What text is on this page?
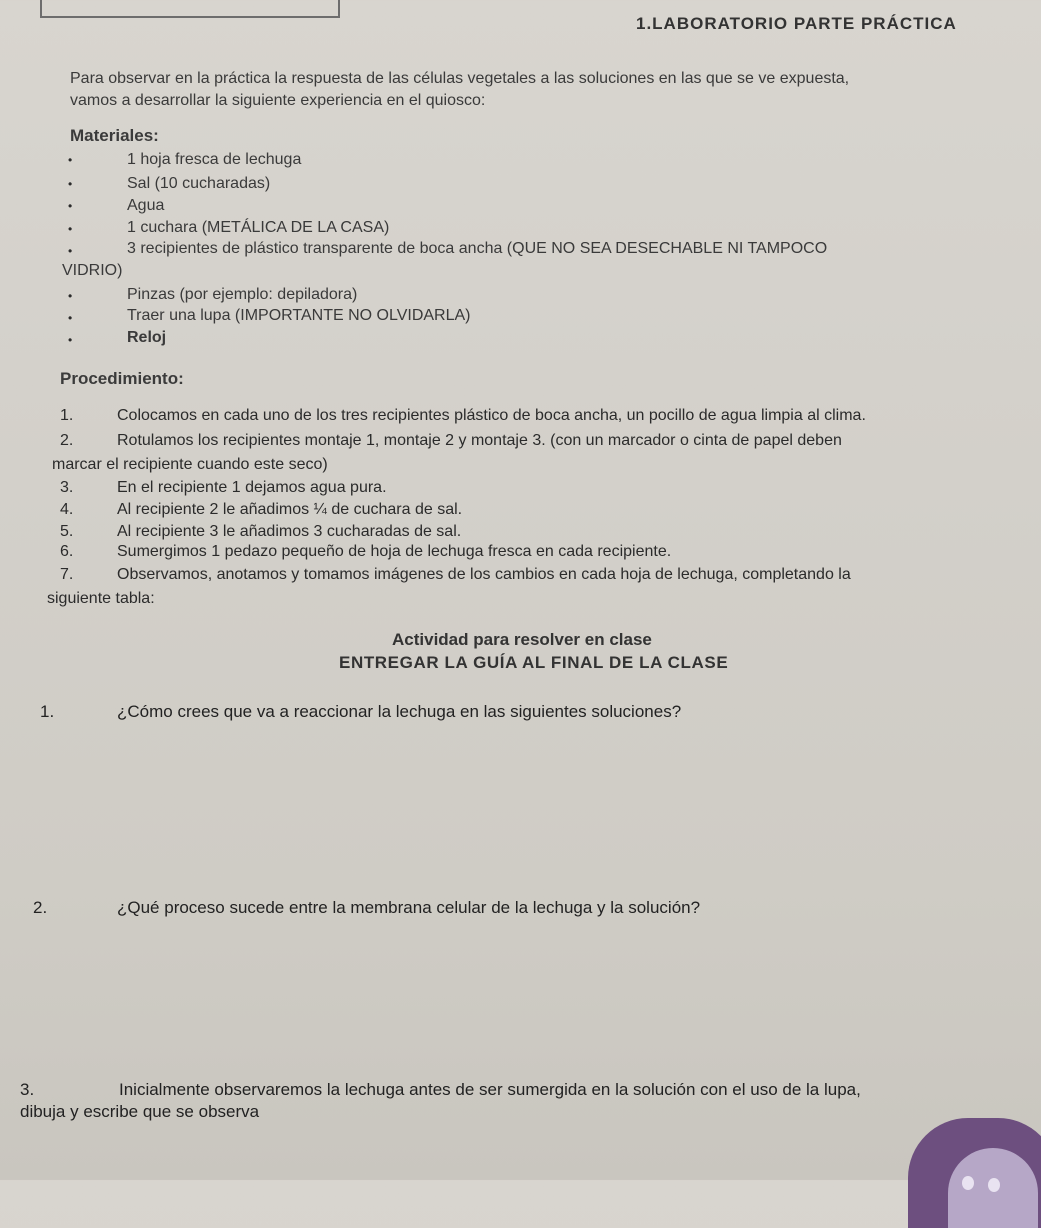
1.LABORATORIO PARTE PRÁCTICA
Para observar en la práctica la respuesta de las células vegetales a las soluciones en las que se ve expuesta,
vamos a desarrollar la siguiente experiencia en el quiosco:
Materiales:
•	1 hoja fresca de lechuga
•	Sal (10 cucharadas)
•	Agua
•	1 cuchara (METÁLICA DE LA CASA)
•	3 recipientes de plástico transparente de boca ancha (QUE NO SEA DESECHABLE NI TAMPOCO
VIDRIO)
•	Pinzas (por ejemplo: depiladora)
•	Traer una lupa (IMPORTANTE NO OLVIDARLA)
•	Reloj
Procedimiento:
1.	Colocamos en cada uno de los tres recipientes plástico de boca ancha, un pocillo de agua limpia al clima.
2.	Rotulamos los recipientes montaje 1, montaje 2 y montaje 3. (con un marcador o cinta de papel deben
marcar el recipiente cuando este seco)
3.	En el recipiente 1 dejamos agua pura.
4.	Al recipiente 2 le añadimos ¼ de cuchara de sal.
5.	Al recipiente 3 le añadimos 3 cucharadas de sal.
6.	Sumergimos 1 pedazo pequeño de hoja de lechuga fresca en cada recipiente.
7.	Observamos, anotamos y tomamos imágenes de los cambios en cada hoja de lechuga, completando la
siguiente tabla:
Actividad para resolver en clase
ENTREGAR LA GUÍA AL FINAL DE LA CLASE
1.	¿Cómo crees que va a reaccionar la lechuga en las siguientes soluciones?
2.	¿Qué proceso sucede entre la membrana celular de la lechuga y la solución?
3.	Inicialmente observaremos la lechuga antes de ser sumergida en la solución con el uso de la lupa,
dibuja y escribe que se observa
